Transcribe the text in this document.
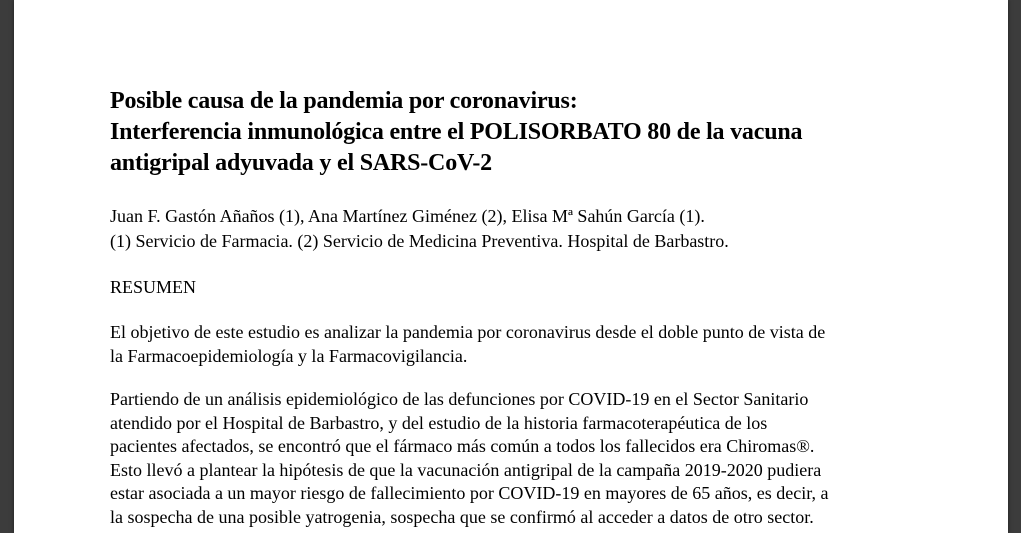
Posible causa de la pandemia por coronavirus:
Interferencia inmunológica entre el POLISORBATO 80 de la vacuna
antigripal adyuvada y el SARS-CoV-2

Juan F. Gastón Añaños (1), Ana Martínez Giménez (2), Elisa Mª Sahún García (1).
(1) Servicio de Farmacia. (2) Servicio de Medicina Preventiva. Hospital de Barbastro.

RESUMEN

El objetivo de este estudio es analizar la pandemia por coronavirus desde el doble punto de vista de
la Farmacoepidemiología y la Farmacovigilancia.

Partiendo de un análisis epidemiológico de las defunciones por COVID-19 en el Sector Sanitario
atendido por el Hospital de Barbastro, y del estudio de la historia farmacoterapéutica de los
pacientes afectados, se encontró que el fármaco más común a todos los fallecidos era Chiromas®.
Esto llevó a plantear la hipótesis de que la vacunación antigripal de la campaña 2019-2020 pudiera
estar asociada a un mayor riesgo de fallecimiento por COVID-19 en mayores de 65 años, es decir, a
la sospecha de una posible yatrogenia, sospecha que se confirmó al acceder a datos de otro sector.
